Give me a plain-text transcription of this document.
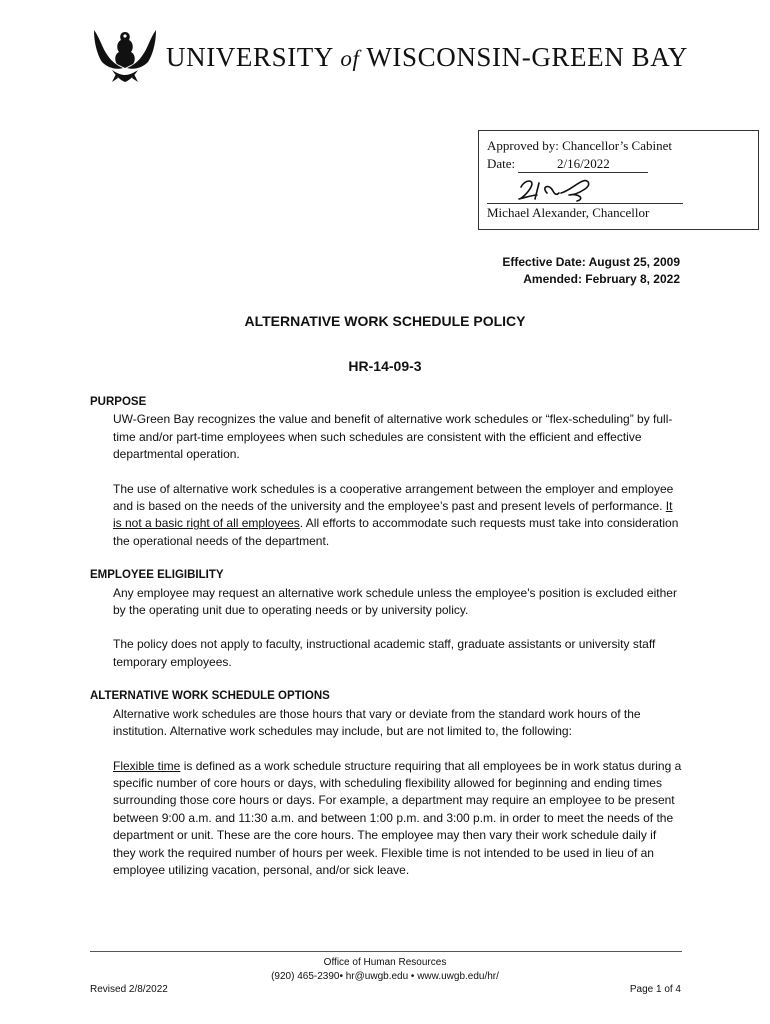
UNIVERSITY of WISCONSIN-GREEN BAY
Approved by: Chancellor’s Cabinet
Date:	2/16/2022
Michael Alexander, Chancellor
Effective Date: August 25, 2009
Amended: February 8, 2022
ALTERNATIVE WORK SCHEDULE POLICY
HR-14-09-3
PURPOSE

UW-Green Bay recognizes the value and benefit of alternative work schedules or “flex-scheduling” by full-time and/or part-time employees when such schedules are consistent with the efficient and effective departmental operation.

The use of alternative work schedules is a cooperative arrangement between the employer and employee and is based on the needs of the university and the employee’s past and present levels of performance. It is not a basic right of all employees. All efforts to accommodate such requests must take into consideration the operational needs of the department.

EMPLOYEE ELIGIBILITY

Any employee may request an alternative work schedule unless the employee's position is excluded either by the operating unit due to operating needs or by university policy.

The policy does not apply to faculty, instructional academic staff, graduate assistants or university staff temporary employees.

ALTERNATIVE WORK SCHEDULE OPTIONS

Alternative work schedules are those hours that vary or deviate from the standard work hours of the institution. Alternative work schedules may include, but are not limited to, the following:

Flexible time is defined as a work schedule structure requiring that all employees be in work status during a specific number of core hours or days, with scheduling flexibility allowed for beginning and ending times surrounding those core hours or days. For example, a department may require an employee to be present between 9:00 a.m. and 11:30 a.m. and between 1:00 p.m. and 3:00 p.m. in order to meet the needs of the department or unit. These are the core hours. The employee may then vary their work schedule daily if they work the required number of hours per week. Flexible time is not intended to be used in lieu of an employee utilizing vacation, personal, and/or sick leave.

Office of Human Resources
(920) 465-2390• hr@uwgb.edu • www.uwgb.edu/hr/
Revised 2/8/2022	Page 1 of 4
